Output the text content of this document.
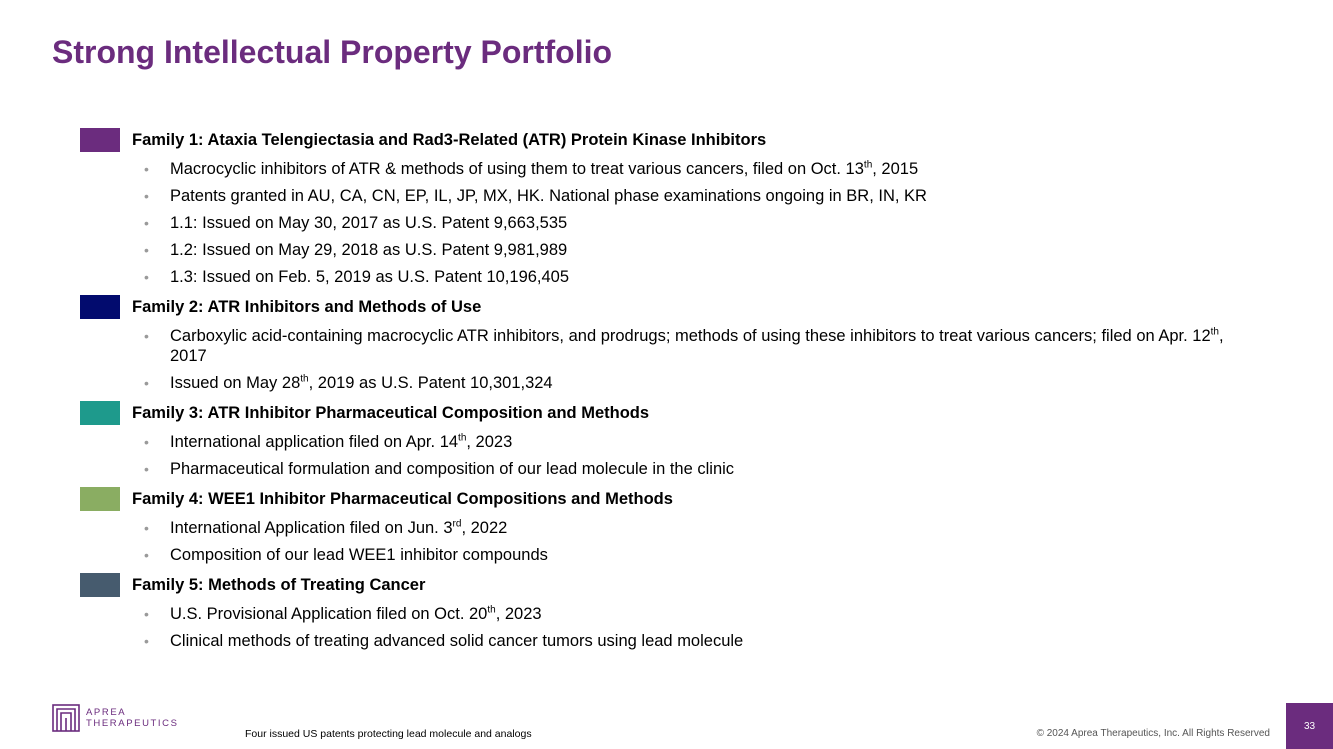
Strong Intellectual Property Portfolio
Family 1: Ataxia Telengiectasia and Rad3-Related (ATR) Protein Kinase Inhibitors
• Macrocyclic inhibitors of ATR & methods of using them to treat various cancers, filed on Oct. 13th, 2015
• Patents granted in AU, CA, CN, EP, IL, JP, MX, HK. National phase examinations ongoing in BR, IN, KR
• 1.1: Issued on May 30, 2017 as U.S. Patent 9,663,535
• 1.2: Issued on May 29, 2018 as U.S. Patent 9,981,989
• 1.3: Issued on Feb. 5, 2019 as U.S. Patent 10,196,405
Family 2: ATR Inhibitors and Methods of Use
• Carboxylic acid-containing macrocyclic ATR inhibitors, and prodrugs; methods of using these inhibitors to treat various cancers; filed on Apr. 12th, 2017
• Issued on May 28th, 2019 as U.S. Patent 10,301,324
Family 3: ATR Inhibitor Pharmaceutical Composition and Methods
• International application filed on Apr. 14th, 2023
• Pharmaceutical formulation and composition of our lead molecule in the clinic
Family 4: WEE1 Inhibitor Pharmaceutical Compositions and Methods
• International Application filed on Jun. 3rd, 2022
• Composition of our lead WEE1 inhibitor compounds
Family 5: Methods of Treating Cancer
• U.S. Provisional Application filed on Oct. 20th, 2023
• Clinical methods of treating advanced solid cancer tumors using lead molecule
APREA
THERAPEUTICS
Four issued US patents protecting lead molecule and analogs	© 2024 Aprea Therapeutics, Inc. All Rights Reserved
33
